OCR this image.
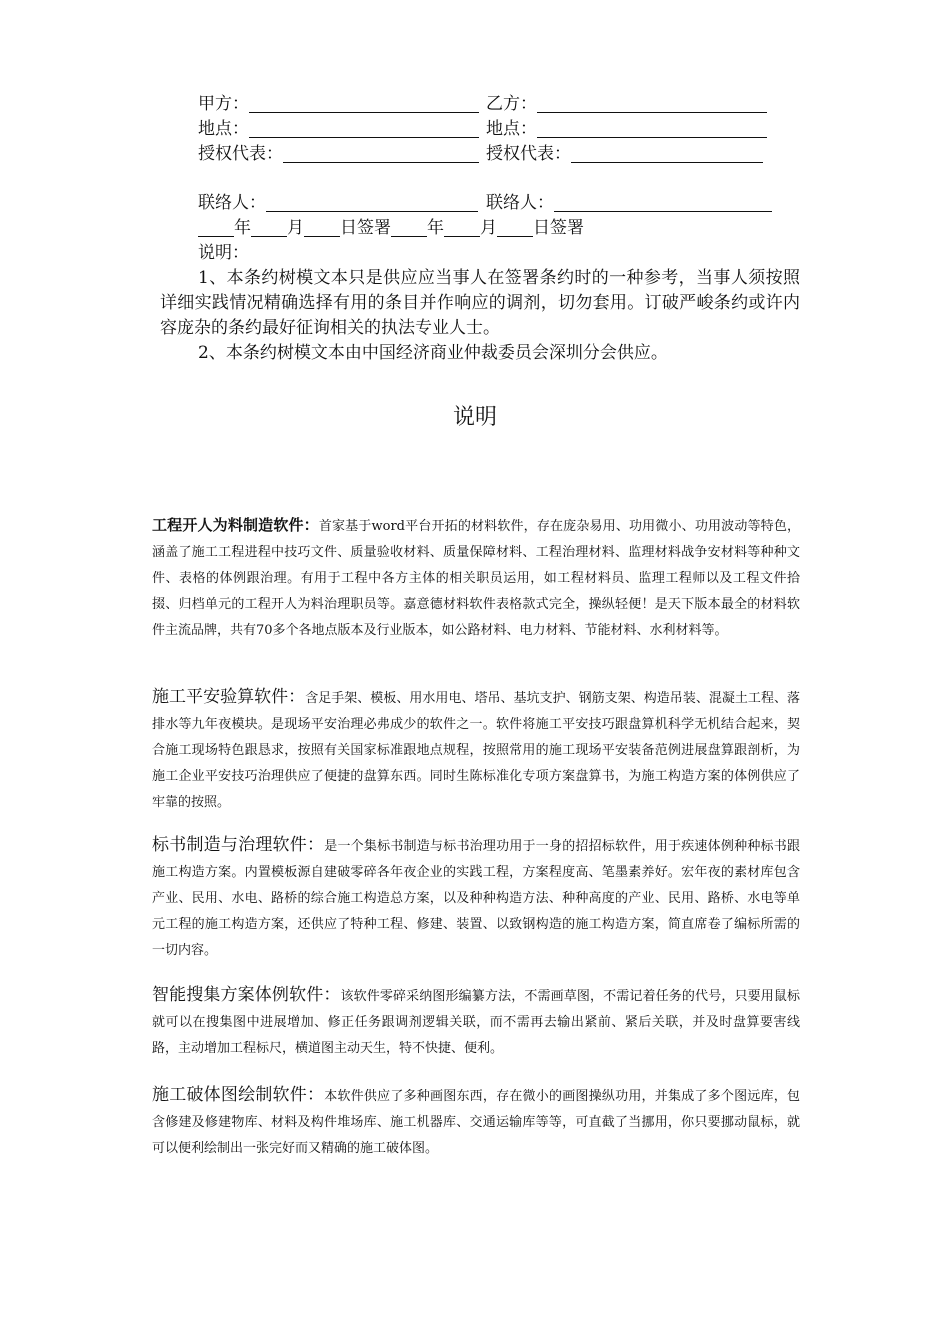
甲方：	乙方：
地点：	地点：
授权代表：	授权代表：
联络人：	联络人：
年 月 日签署 年 月 日签署
说明：

1、本条约树模文本只是供应应当事人在签署条约时的一种参考，当事人须按照详细实践情况精确选择有用的条目并作响应的调剂，切勿套用。订破严峻条约或许内容庞杂的条约最好征询相关的执法专业人士。

2、本条约树模文本由中国经济商业仲裁委员会深圳分会供应。

说明
工程开人为料制造软件：首家基于word平台开拓的材料软件，存在庞杂易用、功用微小、功用波动等特色，涵盖了施工工程进程中技巧文件、质量验收材料、质量保障材料、工程治理材料、监理材料战争安材料等种种文件、表格的体例跟治理。有用于工程中各方主体的相关职员运用，如工程材料员、监理工程师以及工程文件拾掇、归档单元的工程开人为料治理职员等。嘉意德材料软件表格款式完全，操纵轻便！是天下版本最全的材料软件主流品牌，共有70多个各地点版本及行业版本，如公路材料、电力材料、节能材料、水利材料等。
施工平安验算软件：含足手架、模板、用水用电、塔吊、基坑支护、钢筋支架、构造吊装、混凝土工程、落排水等九年夜模块。是现场平安治理必弗成少的软件之一。软件将施工平安技巧跟盘算机科学无机结合起来，契合施工现场特色跟恳求，按照有关国家标准跟地点规程，按照常用的施工现场平安装备范例进展盘算跟剖析，为施工企业平安技巧治理供应了便捷的盘算东西。同时生陈标准化专项方案盘算书，为施工构造方案的体例供应了牢靠的按照。
标书制造与治理软件：是一个集标书制造与标书治理功用于一身的招招标软件，用于疾速体例种种标书跟施工构造方案。内置模板源自建破零碎各年夜企业的实践工程，方案程度高、笔墨素养好。宏年夜的素材库包含产业、民用、水电、路桥的综合施工构造总方案，以及种种构造方法、种种高度的产业、民用、路桥、水电等单元工程的施工构造方案，还供应了特种工程、修建、装置、以致钢构造的施工构造方案，简直席卷了编标所需的一切内容。
智能搜集方案体例软件：该软件零碎采纳图形编纂方法，不需画草图，不需记着任务的代号，只要用鼠标就可以在搜集图中进展增加、修正任务跟调剂逻辑关联，而不需再去输出紧前、紧后关联，并及时盘算要害线路，主动增加工程标尺，横道图主动天生，特不快捷、便利。
施工破体图绘制软件：本软件供应了多种画图东西，存在微小的画图操纵功用，并集成了多个图远库，包含修建及修建物库、材料及构件堆场库、施工机器库、交通运输库等等，可直截了当挪用，你只要挪动鼠标，就可以便利绘制出一张完好而又精确的施工破体图。
